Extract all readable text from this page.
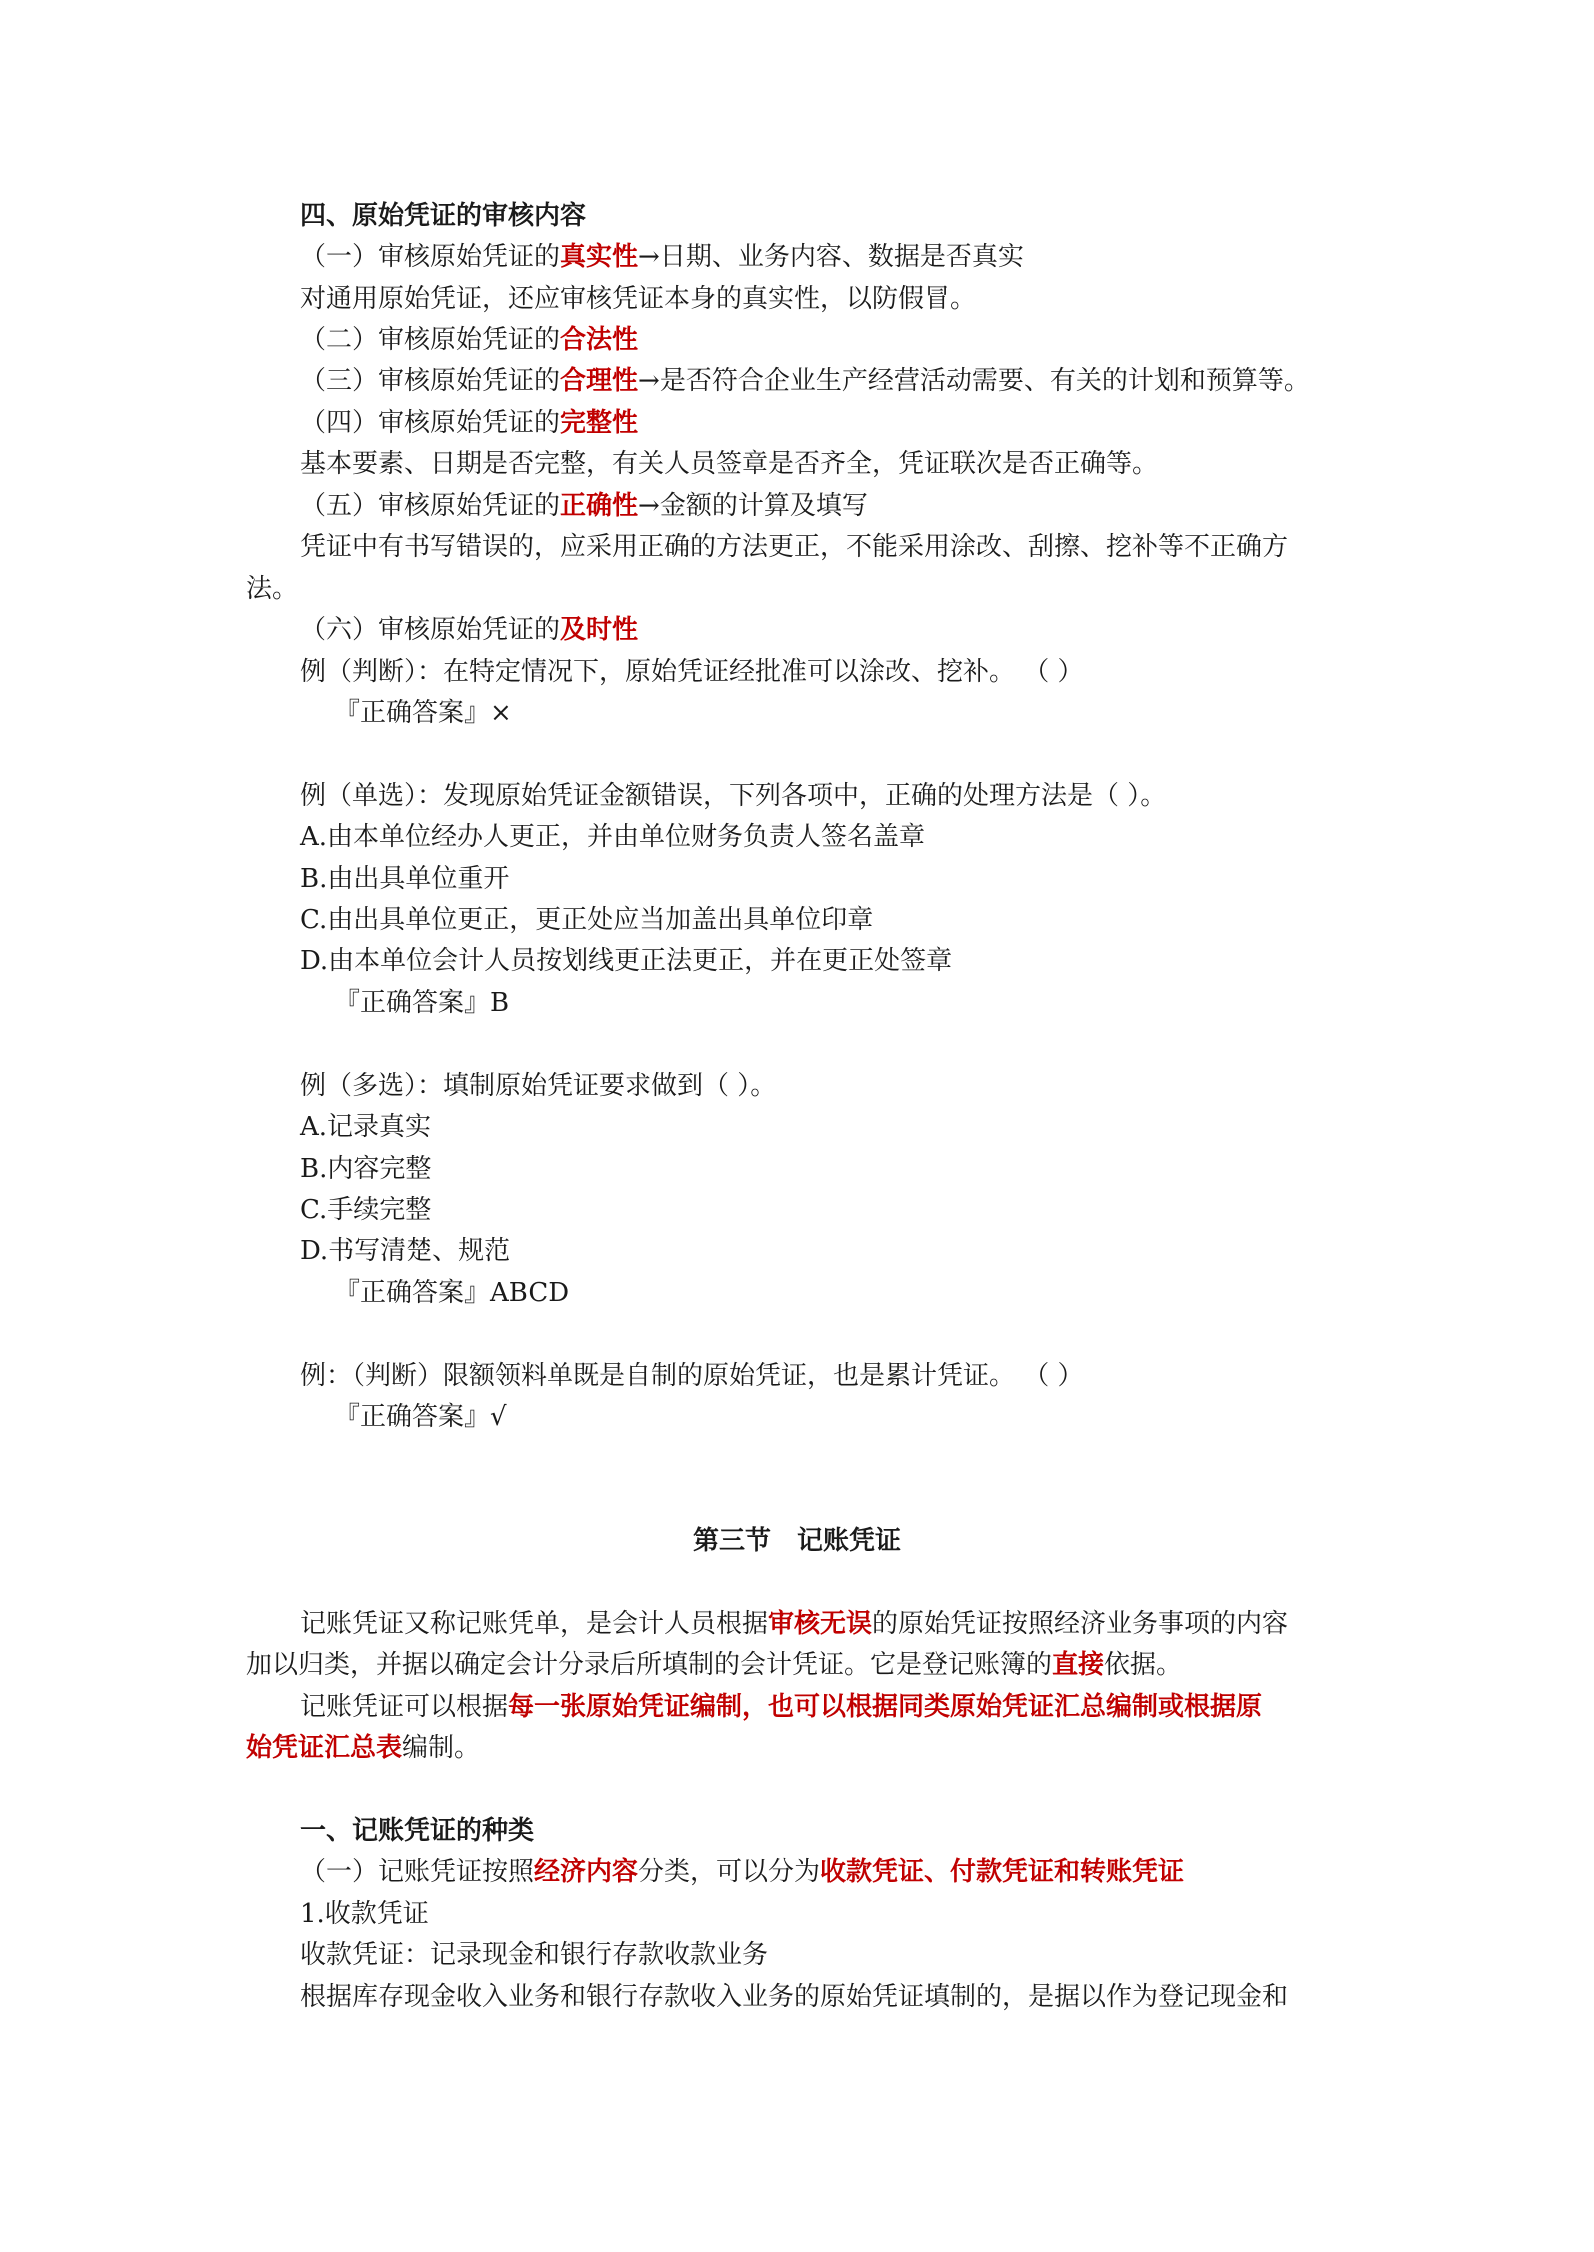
四、原始凭证的审核内容
（一）审核原始凭证的真实性→日期、业务内容、数据是否真实
对通用原始凭证，还应审核凭证本身的真实性，以防假冒。
（二）审核原始凭证的合法性
（三）审核原始凭证的合理性→是否符合企业生产经营活动需要、有关的计划和预算等。
（四）审核原始凭证的完整性
基本要素、日期是否完整，有关人员签章是否齐全，凭证联次是否正确等。
（五）审核原始凭证的正确性→金额的计算及填写
凭证中有书写错误的，应采用正确的方法更正，不能采用涂改、刮擦、挖补等不正确方
法。
（六）审核原始凭证的及时性
例（判断）：在特定情况下，原始凭证经批准可以涂改、挖补。 （ ）
『正确答案』×
例（单选）：发现原始凭证金额错误，下列各项中，正确的处理方法是（ ）。
A.由本单位经办人更正，并由单位财务负责人签名盖章
B.由出具单位重开
C.由出具单位更正，更正处应当加盖出具单位印章
D.由本单位会计人员按划线更正法更正，并在更正处签章
『正确答案』B
例（多选）：填制原始凭证要求做到（ ）。
A.记录真实
B.内容完整
C.手续完整
D.书写清楚、规范
『正确答案』ABCD
例：（判断）限额领料单既是自制的原始凭证，也是累计凭证。 （ ）
『正确答案』√
第三节　记账凭证
记账凭证又称记账凭单，是会计人员根据审核无误的原始凭证按照经济业务事项的内容
加以归类，并据以确定会计分录后所填制的会计凭证。它是登记账簿的直接依据。
记账凭证可以根据每一张原始凭证编制，也可以根据同类原始凭证汇总编制或根据原
始凭证汇总表编制。
一、记账凭证的种类
（一）记账凭证按照经济内容分类，可以分为收款凭证、付款凭证和转账凭证
1.收款凭证
收款凭证：记录现金和银行存款收款业务
根据库存现金收入业务和银行存款收入业务的原始凭证填制的，是据以作为登记现金和
